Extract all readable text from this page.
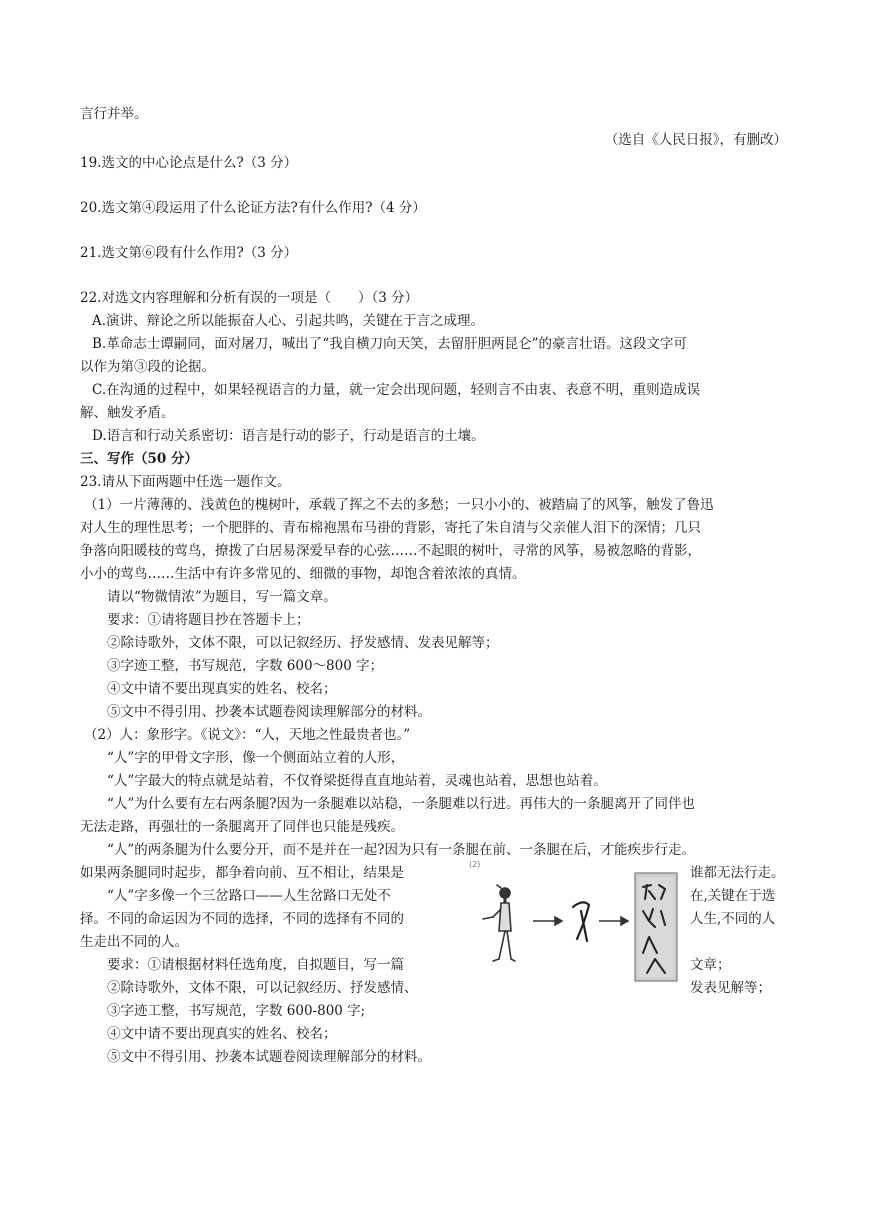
言行并举。
（选自《人民日报》，有删改）
19.选文的中心论点是什么?（3 分）
20.选文第④段运用了什么论证方法?有什么作用?（4 分）
21.选文第⑥段有什么作用?（3 分）
22.对选文内容理解和分析有误的一项是（　　）（3 分）
A.演讲、辩论之所以能振奋人心、引起共鸣，关键在于言之成理。
B.革命志士谭嗣同，面对屠刀，喊出了“我自横刀向天笑，去留肝胆两昆仑”的豪言壮语。这段文字可
以作为第③段的论据。
C.在沟通的过程中，如果轻视语言的力量，就一定会出现问题，轻则言不由衷、表意不明，重则造成误
解、触发矛盾。
D.语言和行动关系密切：语言是行动的影子，行动是语言的土壤。
三、写作（50 分）
23.请从下面两题中任选一题作文。
（1）一片薄薄的、浅黄色的槐树叶，承载了挥之不去的多愁；一只小小的、被踏扁了的风筝，触发了鲁迅
对人生的理性思考；一个肥胖的、青布棉袍黑布马褂的背影，寄托了朱自清与父亲催人泪下的深情；几只
争落向阳暖枝的莺鸟，撩拨了白居易深爱早春的心弦……不起眼的树叶，寻常的风筝，易被忽略的背影，
小小的莺鸟……生活中有许多常见的、细微的事物，却饱含着浓浓的真情。
请以“物微情浓”为题目，写一篇文章。
要求：①请将题目抄在答题卡上；
②除诗歌外，文体不限，可以记叙经历、抒发感情、发表见解等；
③字迹工整，书写规范，字数 600～800 字；
④文中请不要出现真实的姓名、校名；
⑤文中不得引用、抄袭本试题卷阅读理解部分的材料。
（2）人：象形字。《说文》：“人，天地之性最贵者也。”
“人”字的甲骨文字形，像一个侧面站立着的人形，
“人”字最大的特点就是站着，不仅脊梁挺得直直地站着，灵魂也站着，思想也站着。
“人”为什么要有左右两条腿?因为一条腿难以站稳，一条腿难以行进。再伟大的一条腿离开了同伴也
无法走路，再强壮的一条腿离开了同伴也只能是残疾。
“人”的两条腿为什么要分开，而不是并在一起?因为只有一条腿在前、一条腿在后，才能疾步行走。
如果两条腿同时起步，都争着向前、互不相让，结果是	谁都无法行走。
“人”字多像一个三岔路口——人生岔路口无处不	在,关键在于选
择。不同的命运因为不同的选择，不同的选择有不同的	人生,不同的人
生走出不同的人。
要求：①请根据材料任选角度，自拟题目，写一篇	文章；
②除诗歌外，文体不限，可以记叙经历、抒发感情、	发表见解等；
③字迹工整，书写规范，字数 600-800 字;
④文中请不要出现真实的姓名、校名；
⑤文中不得引用、抄袭本试题卷阅读理解部分的材料。
(2)
